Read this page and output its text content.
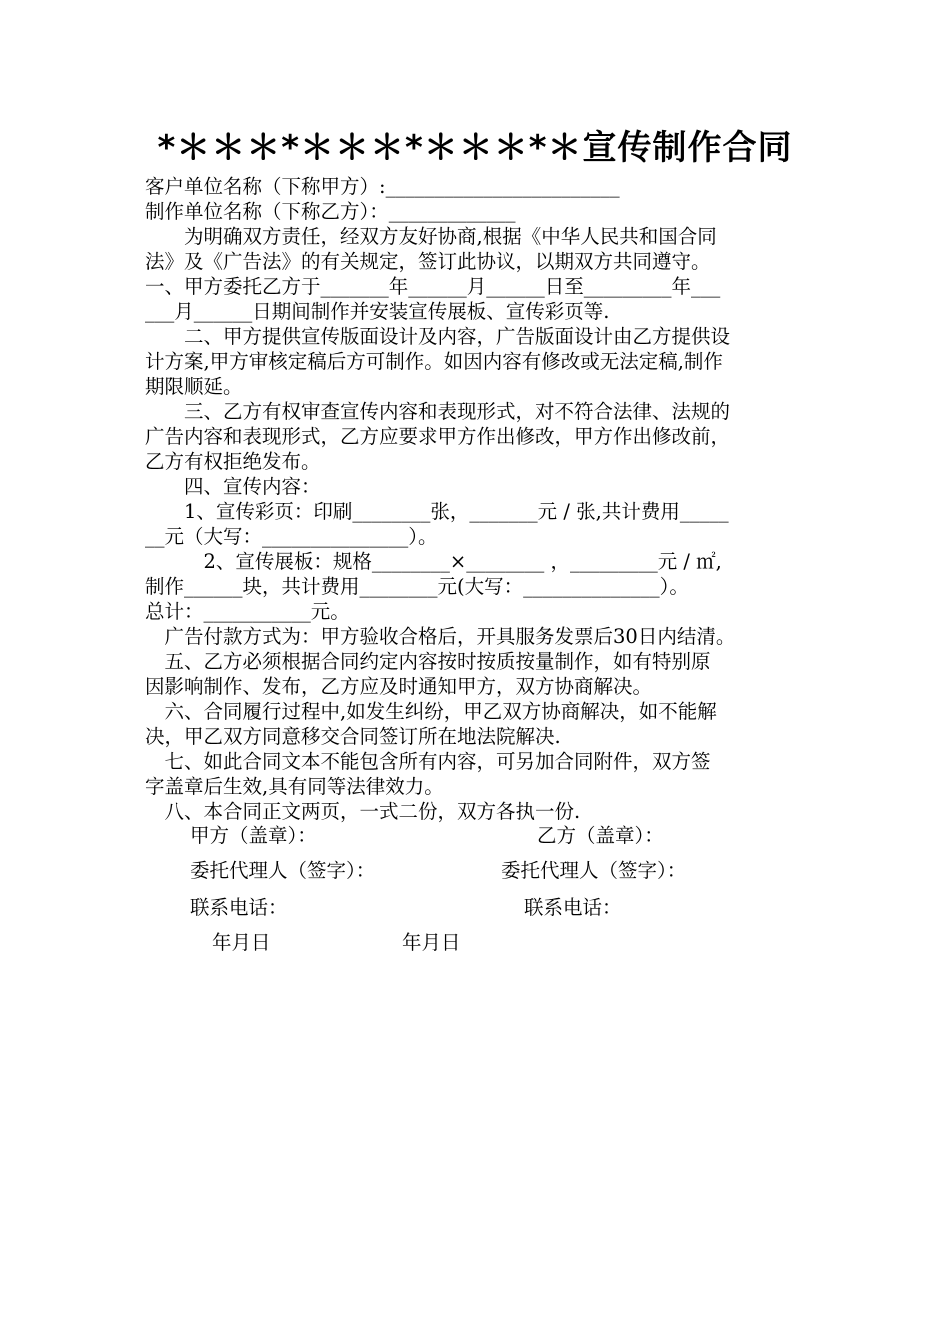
*＊＊＊*＊＊＊*＊＊＊*＊宣传制作合同
客户单位名称（下称甲方）:________________________
制作单位名称（下称乙方）：_____________
　　为明确双方责任，经双方友好协商,根据《中华人民共和国合同
法》及《广告法》的有关规定，签订此协议，以期双方共同遵守。
一、甲方委托乙方于_______年______月______日至_________年___
___月______日期间制作并安装宣传展板、宣传彩页等.
　　二、甲方提供宣传版面设计及内容，广告版面设计由乙方提供设
计方案,甲方审核定稿后方可制作。如因内容有修改或无法定稿,制作
期限顺延。
　　三、乙方有权审查宣传内容和表现形式，对不符合法律、法规的
广告内容和表现形式，乙方应要求甲方作出修改，甲方作出修改前，
乙方有权拒绝发布。
　　四、宣传内容：
　　1、宣传彩页：印刷________张，_______元 / 张,共计费用_____
__元（大写：_______________）。
　　　2、宣传展板：规格________×________ ，_________元 / ㎡,
制作______块，共计费用________元(大写：______________）。
总计：___________元。
　广告付款方式为：甲方验收合格后，开具服务发票后30日内结清。
　五、乙方必须根据合同约定内容按时按质按量制作，如有特别原
因影响制作、发布，乙方应及时通知甲方，双方协商解决。
　六、合同履行过程中,如发生纠纷，甲乙双方协商解决，如不能解
决，甲乙双方同意移交合同签订所在地法院解决.
　七、如此合同文本不能包含所有内容，可另加合同附件，双方签
字盖章后生效,具有同等法律效力。
　八、本合同正文两页，一式二份，双方各执一份.
甲方（盖章）：	乙方（盖章）：
委托代理人（签字）：	委托代理人（签字）：
联系电话：	联系电话：
年月日	年月日
